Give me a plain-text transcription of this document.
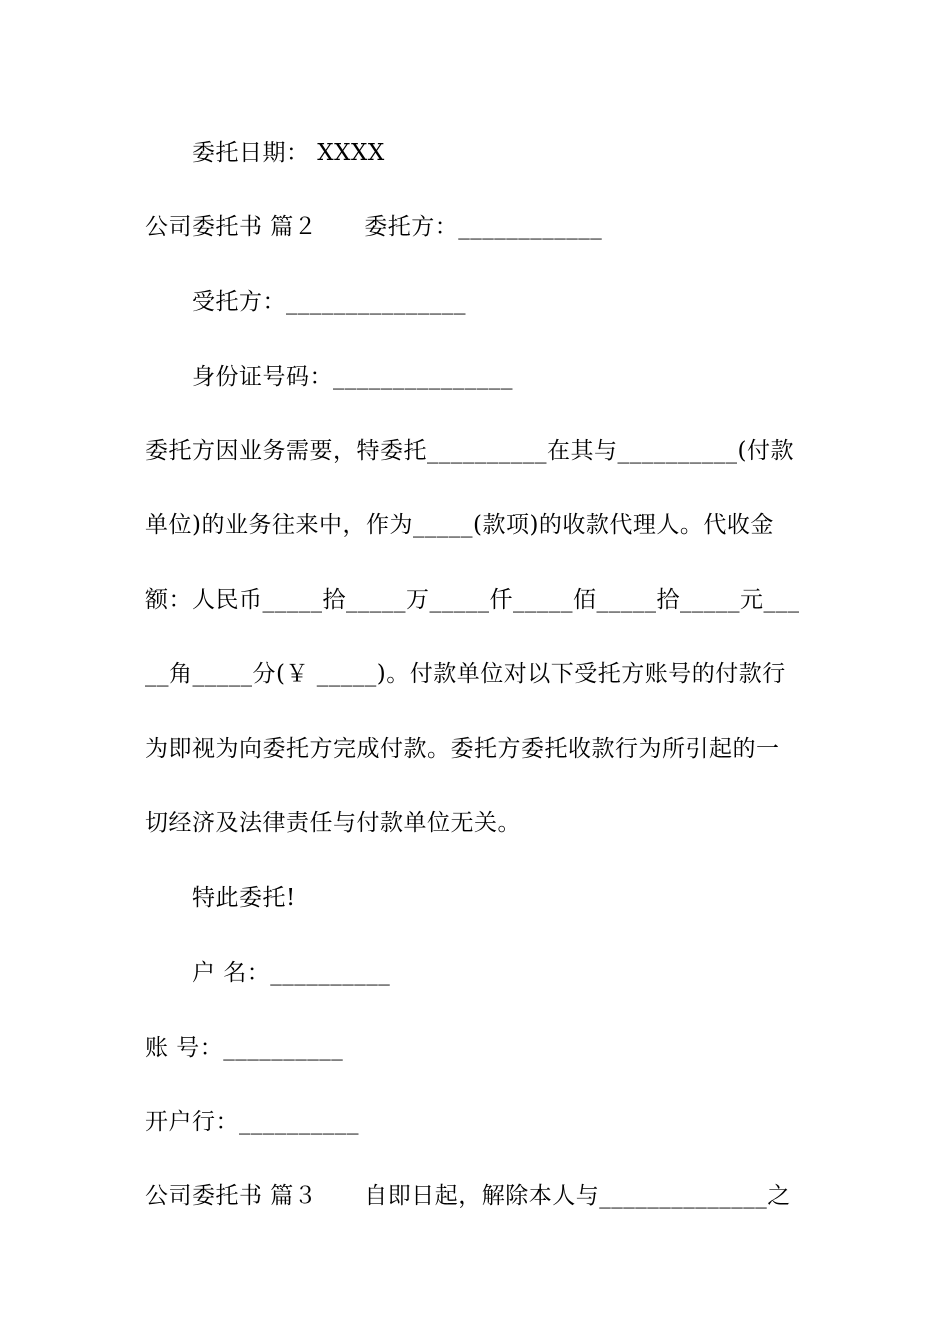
委托日期： XXXX
公司委托书 篇２　　委托方：____________
受托方：_______________
身份证号码：_______________
委托方因业务需要，特委托__________在其与__________(付款
单位)的业务往来中，作为_____(款项)的收款代理人。代收金
额：人民币_____拾_____万_____仟_____佰_____拾_____元___
__角_____分(￥ _____)。付款单位对以下受托方账号的付款行
为即视为向委托方完成付款。委托方委托收款行为所引起的一
切经济及法律责任与付款单位无关。
特此委托!
户 名：__________
账 号：__________
开户行：__________
公司委托书 篇３　　自即日起，解除本人与______________之
